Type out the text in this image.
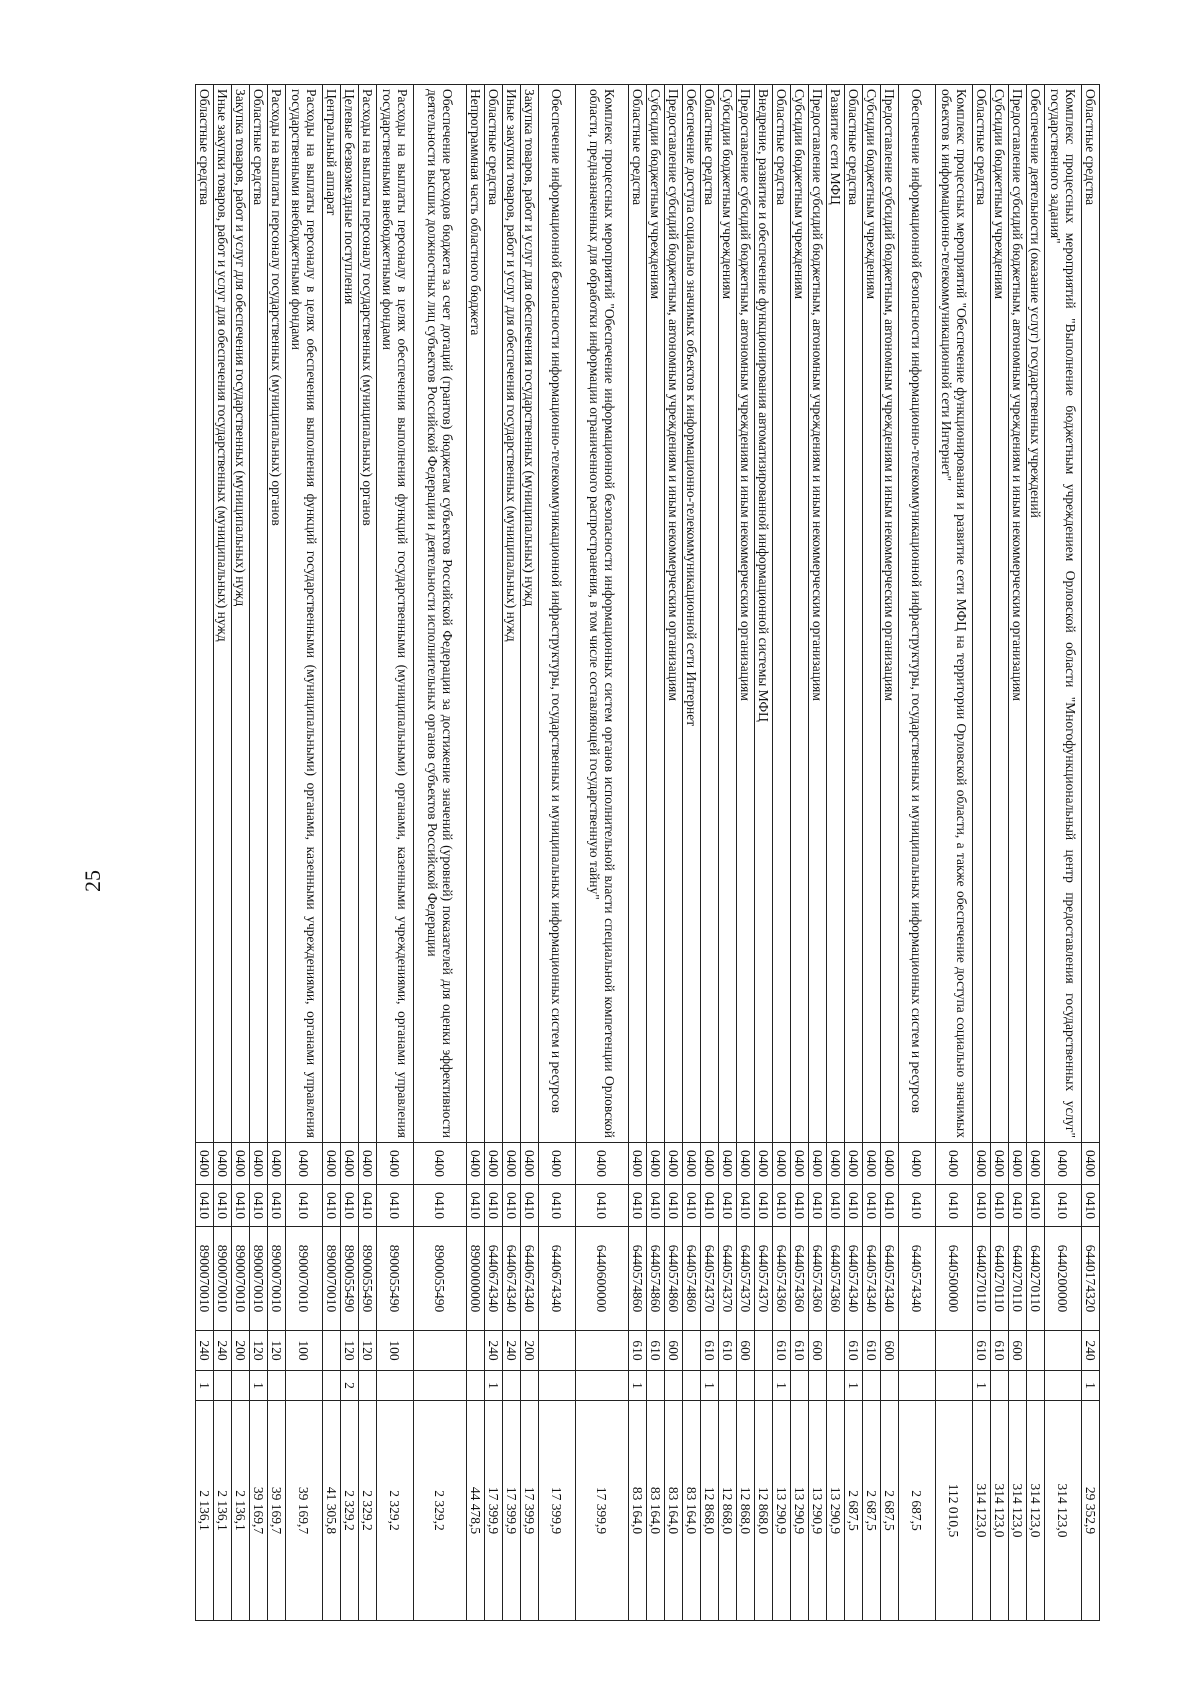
25
Областные средства	0400	0410	6440174320	240	1	29 352,9
Комплекс процессных мероприятий "Выполнение бюджетным учреждением Орловской области "Многофункциональный центр предоставления государственных услуг" государственного задания"	0400	0410	6440200000			314 123,0
Обеспечение деятельности (оказание услуг) государственных учреждений	0400	0410	6440270110			314 123,0
Предоставление субсидий бюджетным, автономным учреждениям и иным некоммерческим организациям	0400	0410	6440270110	600		314 123,0
Субсидии бюджетным учреждениям	0400	0410	6440270110	610		314 123,0
Областные средства	0400	0410	6440270110	610	1	314 123,0
Комплекс процессных мероприятий "Обеспечение функционирования и развитие сети МФЦ на территории Орловской области, а также обеспечение доступа социально значимых объектов к информационно-телекоммуникационной сети Интернет"	0400	0410	6440500000			112 010,5
Обеспечение информационной безопасности информационно-телекоммуникационной инфраструктуры, государственных и муниципальных информационных систем и ресурсов	0400	0410	6440574340			2 687,5
Предоставление субсидий бюджетным, автономным учреждениям и иным некоммерческим организациям	0400	0410	6440574340	600		2 687,5
Субсидии бюджетным учреждениям	0400	0410	6440574340	610		2 687,5
Областные средства	0400	0410	6440574340	610	1	2 687,5
Развитие сети МФЦ	0400	0410	6440574360			13 290,9
Предоставление субсидий бюджетным, автономным учреждениям и иным некоммерческим организациям	0400	0410	6440574360	600		13 290,9
Субсидии бюджетным учреждениям	0400	0410	6440574360	610		13 290,9
Областные средства	0400	0410	6440574360	610	1	13 290,9
Внедрение, развитие и обеспечение функционирования автоматизированной информационной системы МФЦ	0400	0410	6440574370			12 868,0
Предоставление субсидий бюджетным, автономным учреждениям и иным некоммерческим организациям	0400	0410	6440574370	600		12 868,0
Субсидии бюджетным учреждениям	0400	0410	6440574370	610		12 868,0
Областные средства	0400	0410	6440574370	610	1	12 868,0
Обеспечение доступа социально значимых объектов к информационно-телекоммуникационной сети Интернет	0400	0410	6440574860			83 164,0
Предоставление субсидий бюджетным, автономным учреждениям и иным некоммерческим организациям	0400	0410	6440574860	600		83 164,0
Субсидии бюджетным учреждениям	0400	0410	6440574860	610		83 164,0
Областные средства	0400	0410	6440574860	610	1	83 164,0
Комплекс процессных мероприятий "Обеспечение информационной безопасности информационных систем органов исполнительной власти специальной компетенции Орловской области, предназначенных для обработки информации ограниченного распространения, в том числе составляющей государственную тайну"	0400	0410	6440600000			17 399,9
Обеспечение информационной безопасности информационно-телекоммуникационной инфраструктуры, государственных и муниципальных информационных систем и ресурсов	0400	0410	6440674340			17 399,9
Закупка товаров, работ и услуг для обеспечения государственных (муниципальных) нужд	0400	0410	6440674340	200		17 399,9
Иные закупки товаров, работ и услуг для обеспечения государственных (муниципальных) нужд	0400	0410	6440674340	240		17 399,9
Областные средства	0400	0410	6440674340	240	1	17 399,9
Непрограммная часть областного бюджета	0400	0410	8900000000			44 478,5
Обеспечение расходов бюджета за счет дотаций (грантов) бюджетам субъектов Российской Федерации за достижение значений (уровней) показателей для оценки эффективности деятельности высших должностных лиц субъектов Российской Федерации и деятельности исполнительных органов субъектов Российской Федерации	0400	0410	8900055490			2 329,2
Расходы на выплаты персоналу в целях обеспечения выполнения функций государственными (муниципальными) органами, казенными учреждениями, органами управления государственными внебюджетными фондами	0400	0410	8900055490	100		2 329,2
Расходы на выплаты персоналу государственных (муниципальных) органов	0400	0410	8900055490	120		2 329,2
Целевые безвозмездные поступления	0400	0410	8900055490	120	2	2 329,2
Центральный аппарат	0400	0410	8900070010			41 305,8
Расходы на выплаты персоналу в целях обеспечения выполнения функций государственными (муниципальными) органами, казенными учреждениями, органами управления государственными внебюджетными фондами	0400	0410	8900070010	100		39 169,7
Расходы на выплаты персоналу государственных (муниципальных) органов	0400	0410	8900070010	120		39 169,7
Областные средства	0400	0410	8900070010	120	1	39 169,7
Закупка товаров, работ и услуг для обеспечения государственных (муниципальных) нужд	0400	0410	8900070010	200		2 136,1
Иные закупки товаров, работ и услуг для обеспечения государственных (муниципальных) нужд	0400	0410	8900070010	240		2 136,1
Областные средства	0400	0410	8900070010	240	1	2 136,1
